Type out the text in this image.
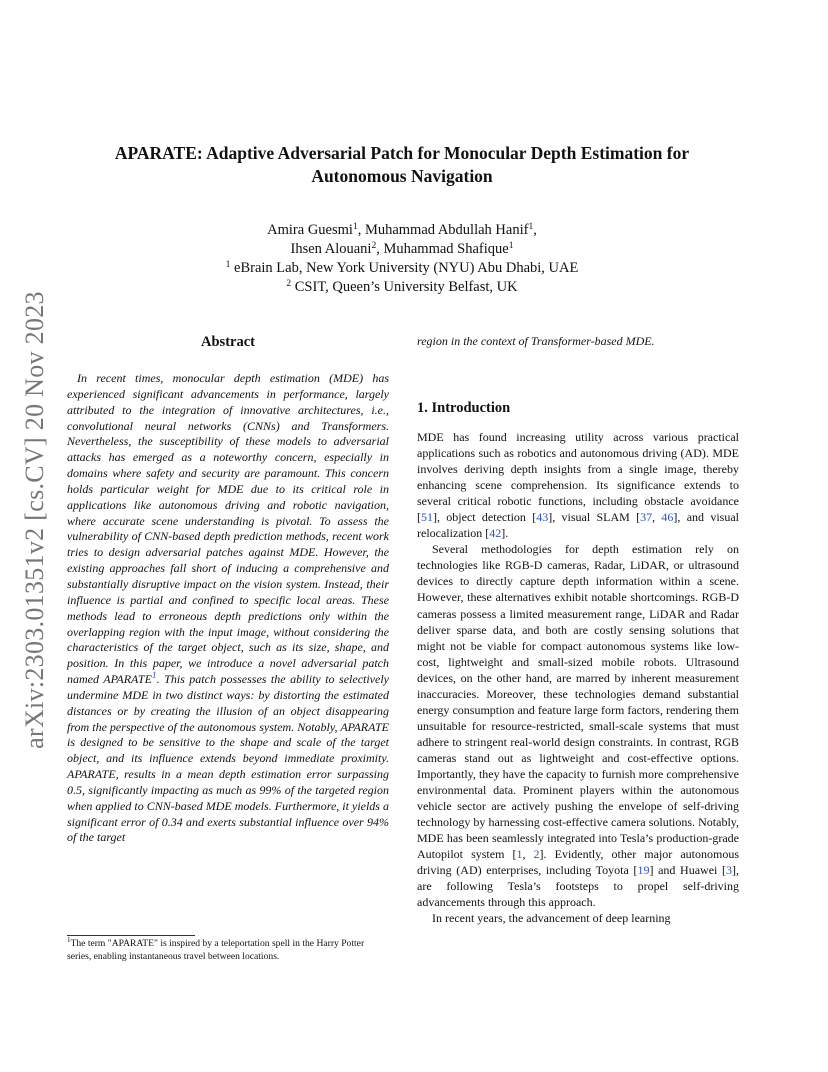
arXiv:2303.01351v2 [cs.CV] 20 Nov 2023
APARATE: Adaptive Adversarial Patch for Monocular Depth Estimation for
Autonomous Navigation
Amira Guesmi$^1$, Muhammad Abdullah Hanif$^1$,
Ihsen Alouani$^2$, Muhammad Shafique$^1$
$^1$ eBrain Lab, New York University (NYU) Abu Dhabi, UAE
$^2$ CSIT, Queen’s University Belfast, UK
Abstract

In recent times, monocular depth estimation (MDE) has experienced significant advancements in performance, largely attributed to the integration of innovative architectures, i.e., convolutional neural networks (CNNs) and Transformers. Nevertheless, the susceptibility of these models to adversarial attacks has emerged as a noteworthy concern, especially in domains where safety and security are paramount. This concern holds particular weight for MDE due to its critical role in applications like autonomous driving and robotic navigation, where accurate scene understanding is pivotal. To assess the vulnerability of CNN-based depth prediction methods, recent work tries to design adversarial patches against MDE. However, the existing approaches fall short of inducing a comprehensive and substantially disruptive impact on the vision system. Instead, their influence is partial and confined to specific local areas. These methods lead to erroneous depth predictions only within the overlapping region with the input image, without considering the characteristics of the target object, such as its size, shape, and position. In this paper, we introduce a novel adversarial patch named APARATE$^1$. This patch possesses the ability to selectively undermine MDE in two distinct ways: by distorting the estimated distances or by creating the illusion of an object disappearing from the perspective of the autonomous system. Notably, APARATE is designed to be sensitive to the shape and scale of the target object, and its influence extends beyond immediate proximity. APARATE, results in a mean depth estimation error surpassing 0.5, significantly impacting as much as 99% of the targeted region when applied to CNN-based MDE models. Furthermore, it yields a significant error of 0.34 and exerts substantial influence over 94% of the target

$^1$The term "APARATE" is inspired by a teleportation spell in the Harry Potter series, enabling instantaneous travel between locations.

region in the context of Transformer-based MDE.

1. Introduction

MDE has found increasing utility across various practical applications such as robotics and autonomous driving (AD). MDE involves deriving depth insights from a single image, thereby enhancing scene comprehension. Its significance extends to several critical robotic functions, including obstacle avoidance [51], object detection [43], visual SLAM [37, 46], and visual relocalization [42].

Several methodologies for depth estimation rely on technologies like RGB-D cameras, Radar, LiDAR, or ultrasound devices to directly capture depth information within a scene. However, these alternatives exhibit notable shortcomings. RGB-D cameras possess a limited measurement range, LiDAR and Radar deliver sparse data, and both are costly sensing solutions that might not be viable for compact autonomous systems like low-cost, lightweight and small-sized mobile robots. Ultrasound devices, on the other hand, are marred by inherent measurement inaccuracies. Moreover, these technologies demand substantial energy consumption and feature large form factors, rendering them unsuitable for resource-restricted, small-scale systems that must adhere to stringent real-world design constraints. In contrast, RGB cameras stand out as lightweight and cost-effective options. Importantly, they have the capacity to furnish more comprehensive environmental data. Prominent players within the autonomous vehicle sector are actively pushing the envelope of self-driving technology by harnessing cost-effective camera solutions. Notably, MDE has been seamlessly integrated into Tesla’s production-grade Autopilot system [1, 2]. Evidently, other major autonomous driving (AD) enterprises, including Toyota [19] and Huawei [3], are following Tesla’s footsteps to propel self-driving advancements through this approach.

In recent years, the advancement of deep learning
